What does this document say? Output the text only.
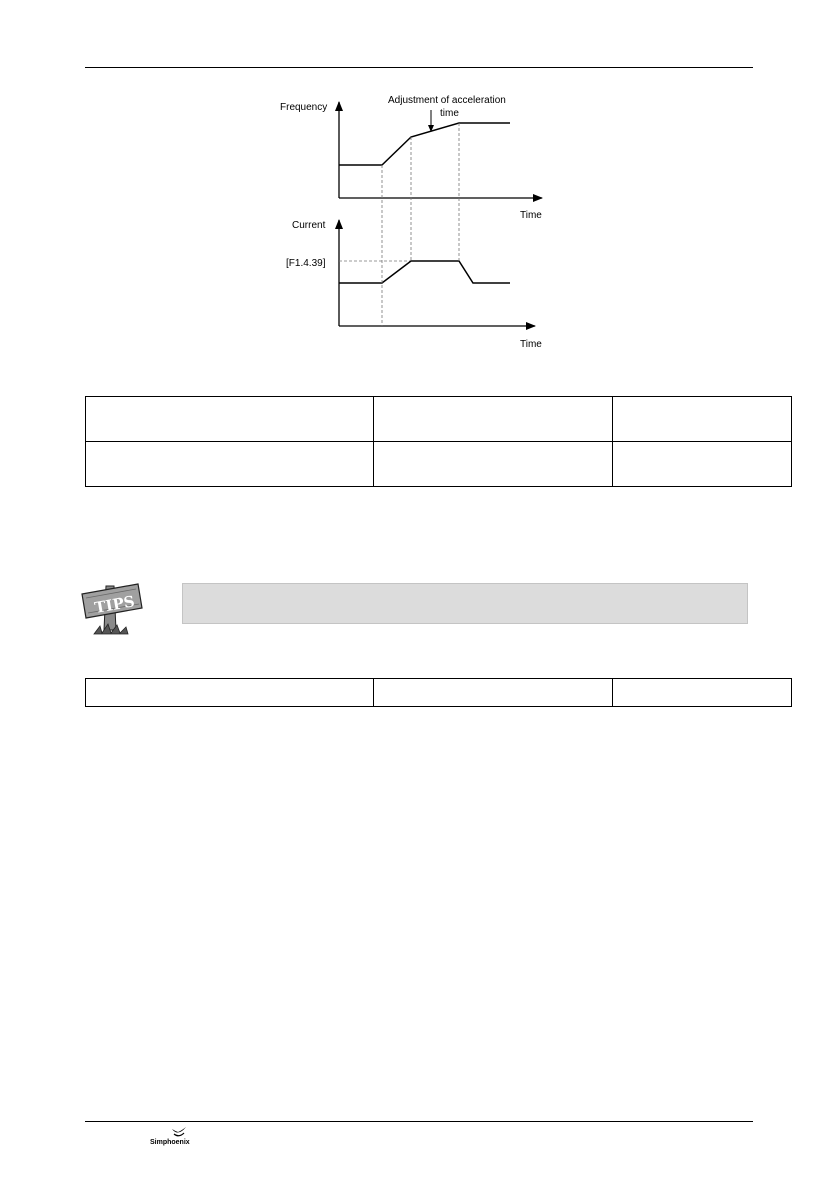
Frequency
Time
Adjustment of acceleration
time
Current
[F1.4.39]
Time

TIPS

Simphoenix
